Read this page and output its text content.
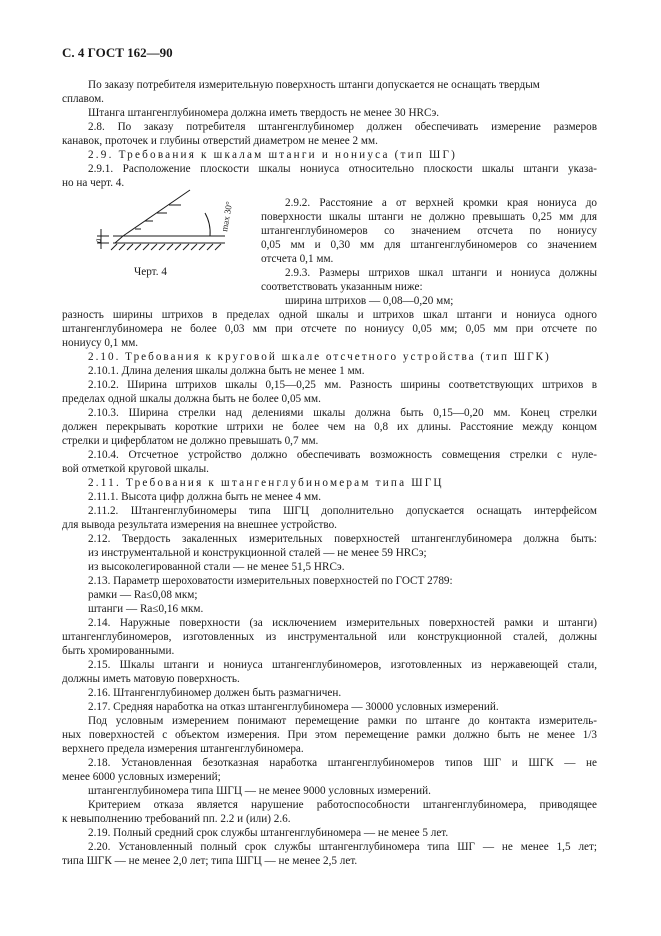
С. 4 ГОСТ 162—90
max 30°
a
Черт. 4
По заказу потребителя измерительную поверхность штанги допускается не оснащать твердым
сплавом.
Штанга штангенглубиномера должна иметь твердость не менее 30 HRCэ.
2.8. По заказу потребителя штангенглубиномер должен обеспечивать измерение размеров
канавок, проточек и глубины отверстий диаметром не менее 2 мм.
2.9. Требования к шкалам штанги и нониуса (тип ШГ)
2.9.1. Расположение плоскости шкалы нониуса относительно плоскости шкалы штанги указа-
но на черт. 4.
2.9.2. Расстояние а от верхней кромки края нониуса до
поверхности шкалы штанги не должно превышать 0,25 мм для
штангенглубиномеров со значением отсчета по нониусу
0,05 мм и 0,30 мм для штангенглубиномеров со значением
отсчета 0,1 мм.
2.9.3. Размеры штрихов шкал штанги и нониуса должны
соответствовать указанным ниже:
ширина штрихов — 0,08—0,20 мм;
разность ширины штрихов в пределах одной шкалы и штрихов шкал штанги и нониуса одного
штангенглубиномера не более 0,03 мм при отсчете по нониусу 0,05 мм; 0,05 мм при отсчете по
нониусу 0,1 мм.
2.10. Требования к круговой шкале отсчетного устройства (тип ШГК)
2.10.1. Длина деления шкалы должна быть не менее 1 мм.
2.10.2. Ширина штрихов шкалы 0,15—0,25 мм. Разность ширины соответствующих штрихов в
пределах одной шкалы должна быть не более 0,05 мм.
2.10.3. Ширина стрелки над делениями шкалы должна быть 0,15—0,20 мм. Конец стрелки
должен перекрывать короткие штрихи не более чем на 0,8 их длины. Расстояние между концом
стрелки и циферблатом не должно превышать 0,7 мм.
2.10.4. Отсчетное устройство должно обеспечивать возможность совмещения стрелки с нуле-
вой отметкой круговой шкалы.
2.11. Требования к штангенглубиномерам типа ШГЦ
2.11.1. Высота цифр должна быть не менее 4 мм.
2.11.2. Штангенглубиномеры типа ШГЦ дополнительно допускается оснащать интерфейсом
для вывода результата измерения на внешнее устройство.
2.12. Твердость закаленных измерительных поверхностей штангенглубиномера должна быть:
из инструментальной и конструкционной сталей — не менее 59 HRCэ;
из высоколегированной стали — не менее 51,5 HRCэ.
2.13. Параметр шероховатости измерительных поверхностей по ГОСТ 2789:
рамки — Ra≤0,08 мкм;
штанги — Ra≤0,16 мкм.
2.14. Наружные поверхности (за исключением измерительных поверхностей рамки и штанги)
штангенглубиномеров, изготовленных из инструментальной или конструкционной сталей, должны
быть хромированными.
2.15. Шкалы штанги и нониуса штангенглубиномеров, изготовленных из нержавеющей стали,
должны иметь матовую поверхность.
2.16. Штангенглубиномер должен быть размагничен.
2.17. Средняя наработка на отказ штангенглубиномера — 30000 условных измерений.
Под условным измерением понимают перемещение рамки по штанге до контакта измеритель-
ных поверхностей с объектом измерения. При этом перемещение рамки должно быть не менее 1/3
верхнего предела измерения штангенглубиномера.
2.18. Установленная безотказная наработка штангенглубиномеров типов ШГ и ШГК — не
менее 6000 условных измерений;
штангенглубиномера типа ШГЦ — не менее 9000 условных измерений.
Критерием отказа является нарушение работоспособности штангенглубиномера, приводящее
к невыполнению требований пп. 2.2 и (или) 2.6.
2.19. Полный средний срок службы штангенглубиномера — не менее 5 лет.
2.20. Установленный полный срок службы штангенглубиномера типа ШГ — не менее 1,5 лет;
типа ШГК — не менее 2,0 лет; типа ШГЦ — не менее 2,5 лет.
